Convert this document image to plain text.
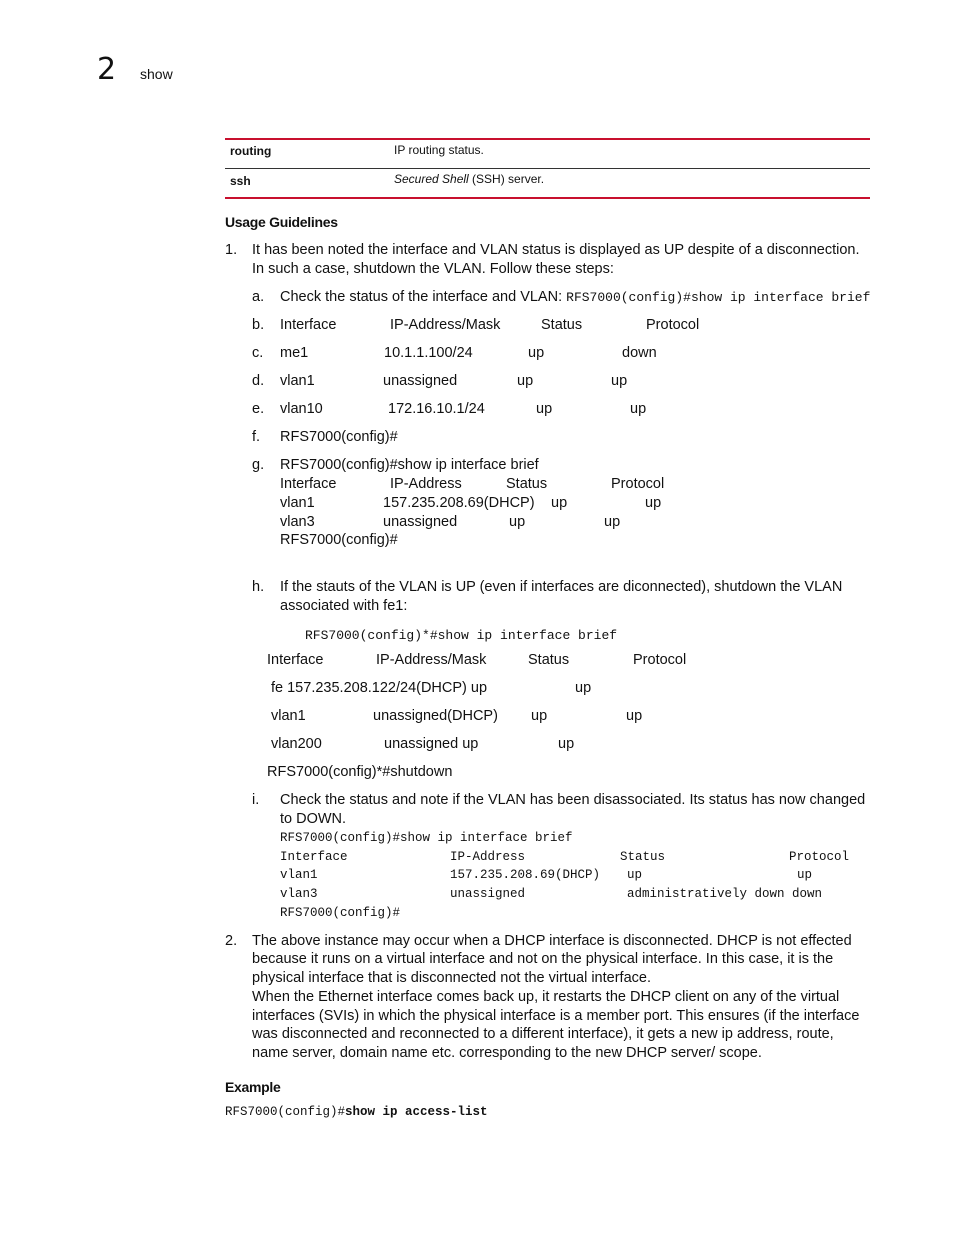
2 show
routing	IP routing status.
ssh	Secured Shell (SSH) server.
Usage Guidelines
1. It has been noted the interface and VLAN status is displayed as UP despite of a disconnection.
In such a case, shutdown the VLAN. Follow these steps:
a. Check the status of the interface and VLAN: RFS7000(config)#show ip interface brief
b. Interface	IP-Address/Mask	Status	Protocol
c. me1	10.1.1.100/24	up	down
d. vlan1	unassigned	up	up
e. vlan10	172.16.10.1/24	up	up
f. RFS7000(config)#
g. RFS7000(config)#show ip interface brief
Interface	IP-Address	Status	Protocol
vlan1	157.235.208.69(DHCP) up	up
vlan3	unassigned	up	up
RFS7000(config)#
h. If the stauts of the VLAN is UP (even if interfaces are diconnected), shutdown the VLAN
associated with fe1:
RFS7000(config)*#show ip interface brief
Interface	IP-Address/Mask	Status	Protocol
fe 157.235.208.122/24(DHCP) up	up
vlan1	unassigned(DHCP) up	up
vlan200	unassigned up	up
RFS7000(config)*#shutdown
i. Check the status and note if the VLAN has been disassociated. Its status has now changed
to DOWN.
RFS7000(config)#show ip interface brief
Interface	IP-Address	Status	Protocol
vlan1	157.235.208.69(DHCP) up	up
vlan3	unassigned	administratively down down
RFS7000(config)#
2. The above instance may occur when a DHCP interface is disconnected. DHCP is not effected
because it runs on a virtual interface and not on the physical interface. In this case, it is the
physical interface that is disconnected not the virtual interface.
When the Ethernet interface comes back up, it restarts the DHCP client on any of the virtual
interfaces (SVIs) in which the physical interface is a member port. This ensures (if the interface
was disconnected and reconnected to a different interface), it gets a new ip address, route,
name server, domain name etc. corresponding to the new DHCP server/ scope.
Example
RFS7000(config)#show ip access-list
